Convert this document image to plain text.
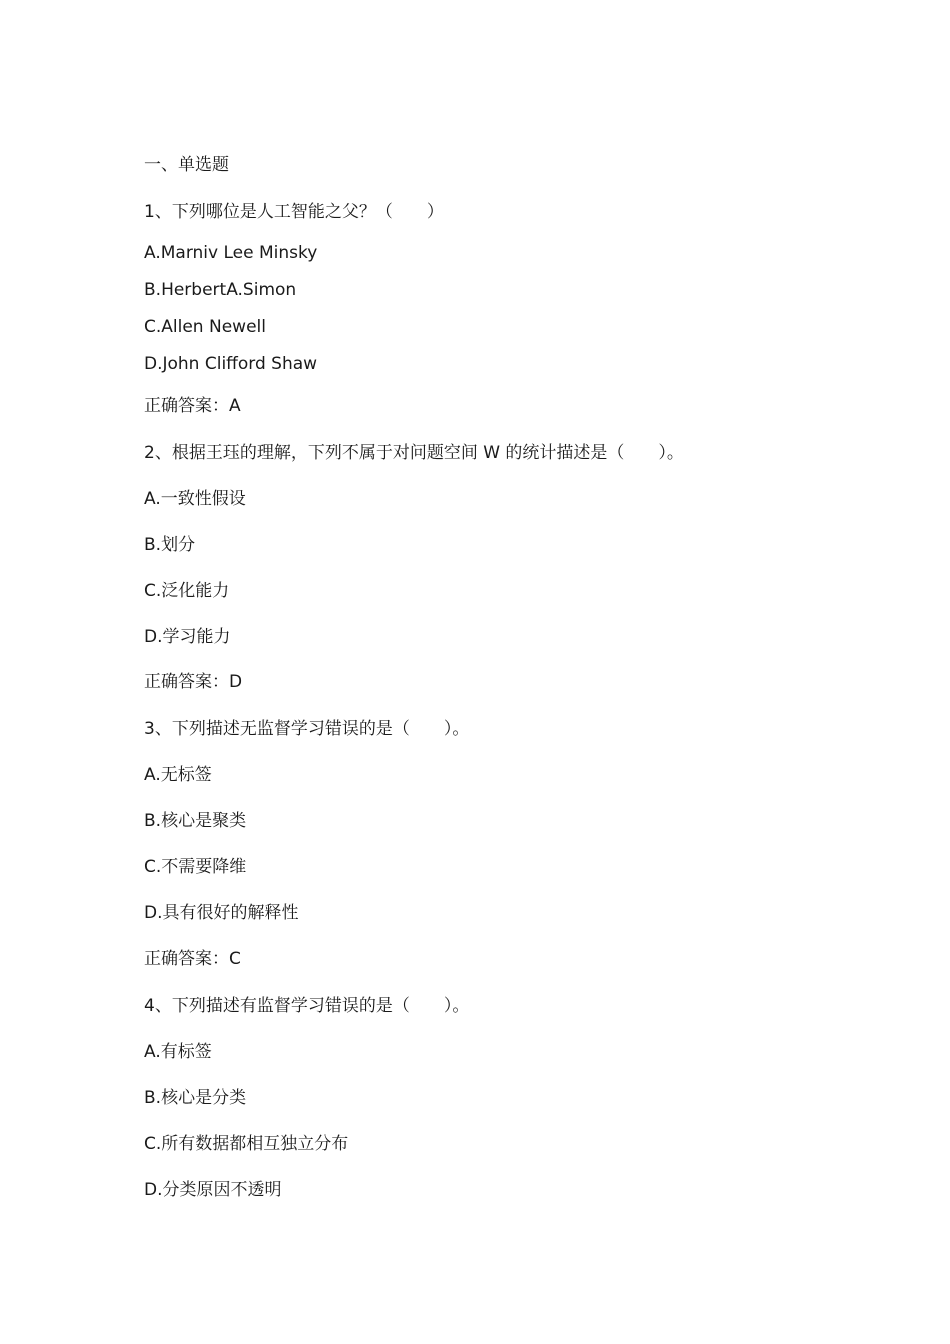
一、单选题
1、下列哪位是人工智能之父？（　　）
A.Marniv Lee Minsky
B.HerbertA.Simon
C.Allen Newell
D.John Clifford Shaw
正确答案：A
2、根据王珏的理解，下列不属于对问题空间 W 的统计描述是（　　）。
A.一致性假设
B.划分
C.泛化能力
D.学习能力
正确答案：D
3、下列描述无监督学习错误的是（　　）。
A.无标签
B.核心是聚类
C.不需要降维
D.具有很好的解释性
正确答案：C
4、下列描述有监督学习错误的是（　　）。
A.有标签
B.核心是分类
C.所有数据都相互独立分布
D.分类原因不透明
